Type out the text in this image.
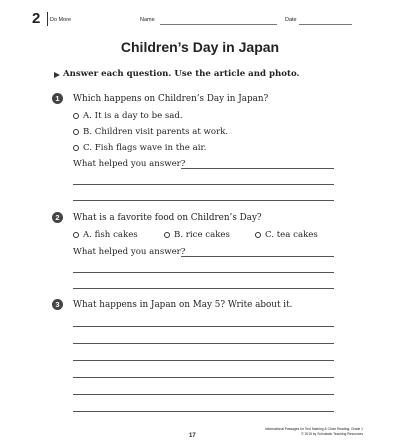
2 Do More	Name	Date
Children’s Day in Japan
Answer each question. Use the article and photo.
1	Which happens on Children’s Day in Japan?
A. It is a day to be sad.
B. Children visit parents at work.
C. Fish flags wave in the air.
What helped you answer?
2	What is a favorite food on Children’s Day?
A. fish cakes	B. rice cakes	C. tea cakes
What helped you answer?
3	What happens in Japan on May 5? Write about it.
17
Informational Passages for Text Marking & Close Reading: Grade 1
© 2015 by Scholastic Teaching Resources
